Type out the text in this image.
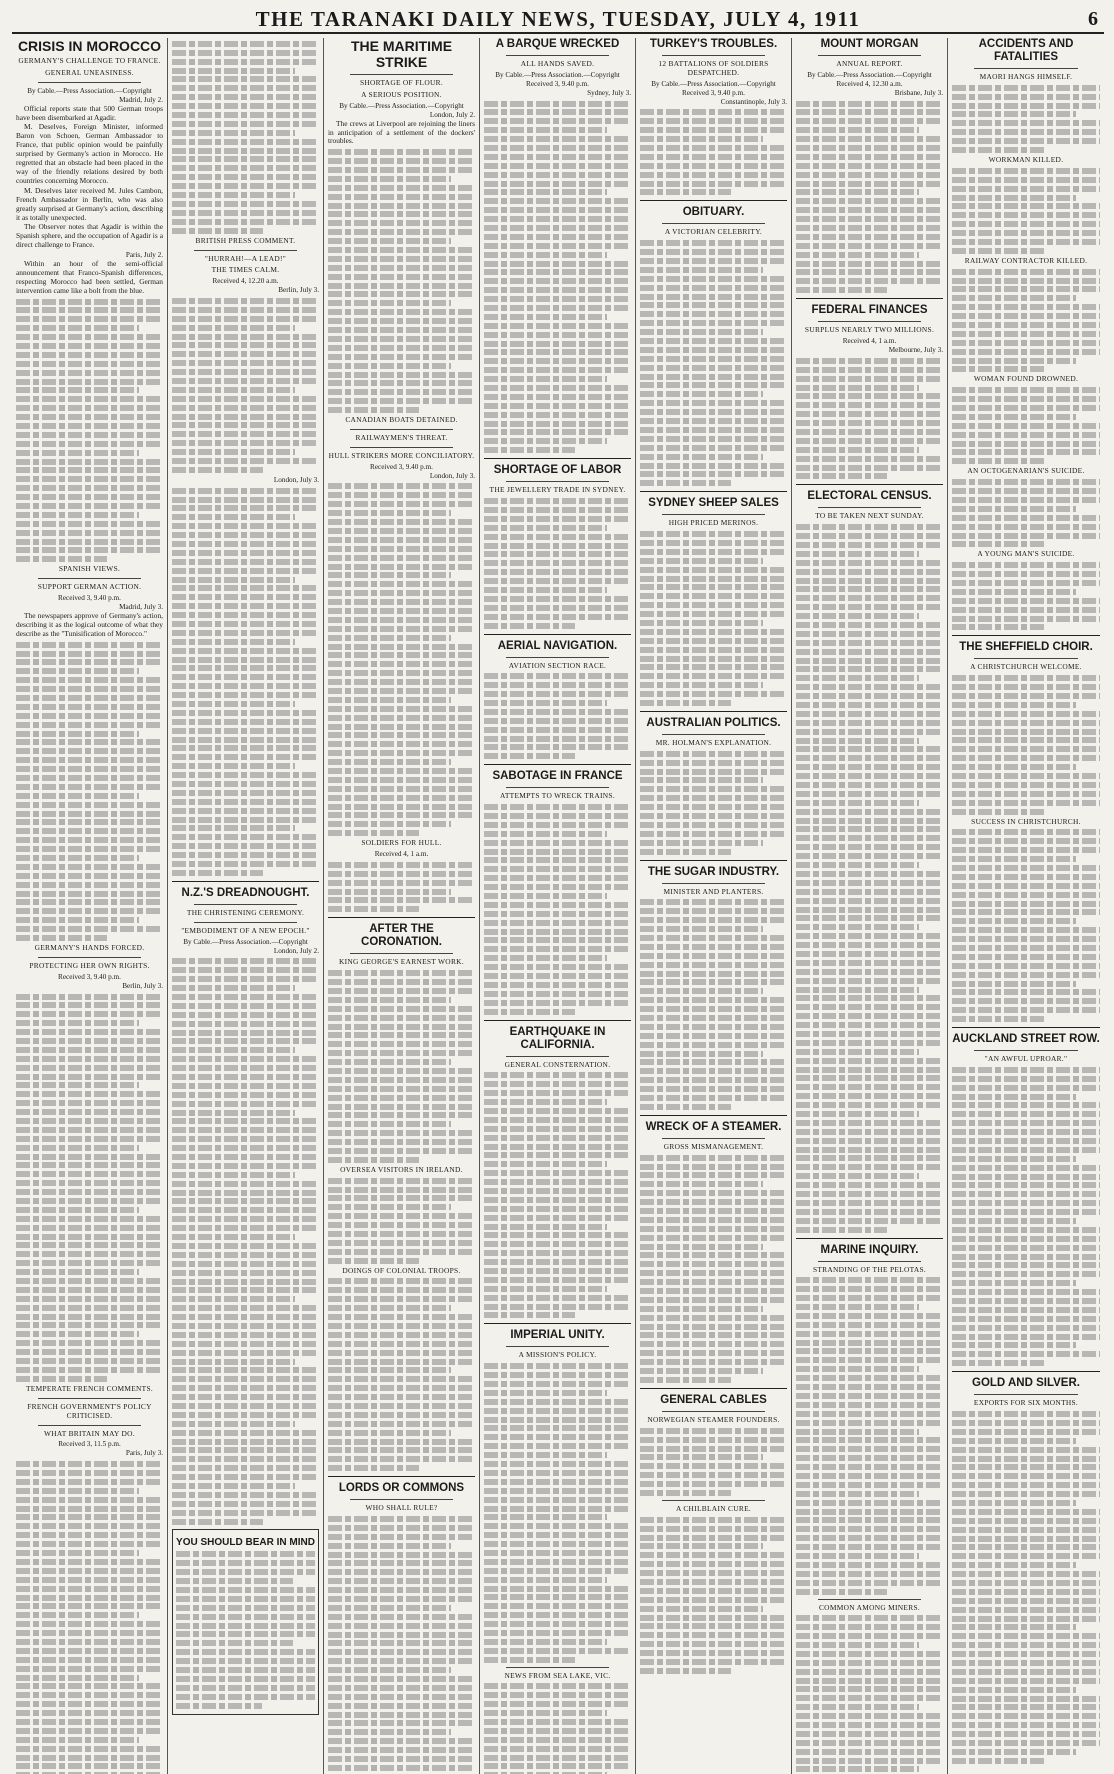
THE TARANAKI DAILY NEWS, TUESDAY, JULY 4, 1911	6
CRISIS IN MOROCCO
GERMANY'S CHALLENGE TO FRANCE.
GENERAL UNEASINESS.
By Cable.—Press Association.—Copyright
Madrid, July 2.

Official reports state that 500 German troops have been disembarked at Agadir.

M. Deselves, Foreign Minister, informed Baron von Schoen, German Ambassador to France, that public opinion would be painfully surprised by Germany's action in Morocco. He regretted that an obstacle had been placed in the way of the friendly relations desired by both countries concerning Morocco.

M. Deselves later received M. Jules Cambon, French Ambassador in Berlin, who was also greatly surprised at Germany's action, describing it as totally unexpected.

The Observer notes that Agadir is within the Spanish sphere, and the occupation of Agadir is a direct challenge to France.

Paris, July 2.

Within an hour of the semi-official announcement that Franco-Spanish differences, respecting Morocco had been settled, German intervention came like a bolt from the blue.

SPANISH VIEWS.
SUPPORT GERMAN ACTION.
Received 3, 9.40 p.m.
Madrid, July 3.

The newspapers approve of Germany's action, describing it as the logical outcome of what they describe as the "Tunisification of Morocco."

GERMANY'S HANDS FORCED.
PROTECTING HER OWN RIGHTS.
Received 3, 9.40 p.m.
Berlin, July 3.
TEMPERATE FRENCH COMMENTS.
FRENCH GOVERNMENT'S POLICY CRITICISED.
WHAT BRITAIN MAY DO.
Received 3, 11.5 p.m.
Paris, July 3.
BRITISH PRESS COMMENT.
"HURRAH!—A LEAD!"
THE TIMES CALM.
Received 4, 12.20 a.m.
Berlin, July 3.
London, July 3.
N.Z.'S DREADNOUGHT.
THE CHRISTENING CEREMONY.
"EMBODIMENT OF A NEW EPOCH."
By Cable.—Press Association.—Copyright
London, July 2.
YOU SHOULD BEAR IN MIND
THE MARITIME STRIKE
SHORTAGE OF FLOUR.
A SERIOUS POSITION.
By Cable.—Press Association.—Copyright
London, July 2.

The crews at Liverpool are rejoining the liners in anticipation of a settlement of the dockers' troubles.

CANADIAN BOATS DETAINED.
RAILWAYMEN'S THREAT.
HULL STRIKERS MORE CONCILIATORY.
Received 3, 9.40 p.m.
London, July 3.
SOLDIERS FOR HULL.
Received 4, 1 a.m.
AFTER THE CORONATION.
KING GEORGE'S EARNEST WORK.
OVERSEA VISITORS IN IRELAND.
DOINGS OF COLONIAL TROOPS.
LORDS OR COMMONS
WHO SHALL RULE?
A BARQUE WRECKED
ALL HANDS SAVED.
By Cable.—Press Association.—Copyright
Received 3, 9.40 p.m.
Sydney, July 3.
SHORTAGE OF LABOR
THE JEWELLERY TRADE IN SYDNEY.
AERIAL NAVIGATION.
AVIATION SECTION RACE.
SABOTAGE IN FRANCE
ATTEMPTS TO WRECK TRAINS.
EARTHQUAKE IN CALIFORNIA.
GENERAL CONSTERNATION.
IMPERIAL UNITY.
A MISSION'S POLICY.
NEWS FROM SEA LAKE, VIC.
TURKEY'S TROUBLES.
12 BATTALIONS OF SOLDIERS DESPATCHED.
By Cable.—Press Association.—Copyright
Received 3, 9.40 p.m.
Constantinople, July 3.
OBITUARY.
A VICTORIAN CELEBRITY.
SYDNEY SHEEP SALES
HIGH PRICED MERINOS.
AUSTRALIAN POLITICS.
MR. HOLMAN'S EXPLANATION.
THE SUGAR INDUSTRY.
MINISTER AND PLANTERS.
WRECK OF A STEAMER.
GROSS MISMANAGEMENT.
GENERAL CABLES
NORWEGIAN STEAMER FOUNDERS.
A CHILBLAIN CURE.
MOUNT MORGAN
ANNUAL REPORT.
By Cable.—Press Association.—Copyright
Received 4, 12.30 a.m.
Brisbane, July 3.
FEDERAL FINANCES
SURPLUS NEARLY TWO MILLIONS.
Received 4, 1 a.m.
Melbourne, July 3.
ELECTORAL CENSUS.
TO BE TAKEN NEXT SUNDAY.
MARINE INQUIRY.
STRANDING OF THE PELOTAS.
COMMON AMONG MINERS.
ACCIDENTS AND FATALITIES
MAORI HANGS HIMSELF.
WORKMAN KILLED.
RAILWAY CONTRACTOR KILLED.
WOMAN FOUND DROWNED.
AN OCTOGENARIAN'S SUICIDE.
A YOUNG MAN'S SUICIDE.
THE SHEFFIELD CHOIR.
A CHRISTCHURCH WELCOME.
SUCCESS IN CHRISTCHURCH.
AUCKLAND STREET ROW.
"AN AWFUL UPROAR."
GOLD AND SILVER.
EXPORTS FOR SIX MONTHS.
